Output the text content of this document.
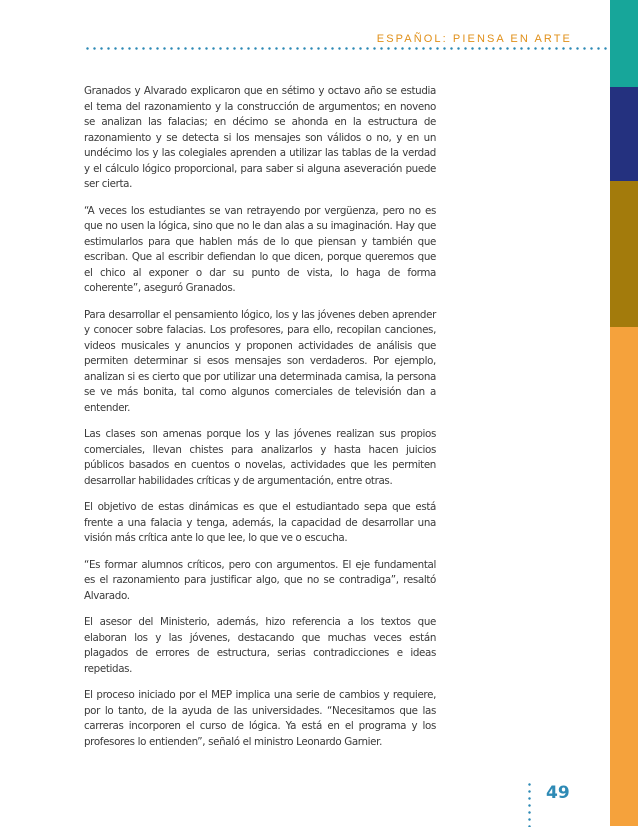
ESPAÑOL: PIENSA EN ARTE

Granados y Alvarado explicaron que en sétimo y octavo año se estudia el tema del razonamiento y la construcción de argumentos; en noveno se analizan las falacias; en décimo se ahonda en la estructura de razonamiento y se detecta si los mensajes son válidos o no, y en un undécimo los y las colegiales aprenden a utilizar las tablas de la verdad y el cálculo lógico proporcional, para saber si alguna aseveración puede ser cierta.

“A veces los estudiantes se van retrayendo por vergüenza, pero no es que no usen la lógica, sino que no le dan alas a su imaginación. Hay que estimularlos para que hablen más de lo que piensan y también que escriban. Que al escribir defiendan lo que dicen, porque queremos que el chico al exponer o dar su punto de vista, lo haga de forma coherente”, aseguró Granados.

Para desarrollar el pensamiento lógico, los y las jóvenes deben aprender y conocer sobre falacias. Los profesores, para ello, recopilan canciones, videos musicales y anuncios y proponen actividades de análisis que permiten determinar si esos mensajes son verdaderos. Por ejemplo, analizan si es cierto que por utilizar una determinada camisa, la persona se ve más bonita, tal como algunos comerciales de televisión dan a entender.

Las clases son amenas porque los y las jóvenes realizan sus propios comerciales, llevan chistes para analizarlos y hasta hacen juicios públicos basados en cuentos o novelas, actividades que les permiten desarrollar habilidades críticas y de argumentación, entre otras.

El objetivo de estas dinámicas es que el estudiantado sepa que está frente a una falacia y tenga, además, la capacidad de desarrollar una visión más crítica ante lo que lee, lo que ve o escucha.

“Es formar alumnos críticos, pero con argumentos. El eje fundamental es el razonamiento para justificar algo, que no se contradiga”, resaltó Alvarado.

El asesor del Ministerio, además, hizo referencia a los textos que elaboran los y las jóvenes, destacando que muchas veces están plagados de errores de estructura, serias contradicciones e ideas repetidas.

El proceso iniciado por el MEP implica una serie de cambios y requiere, por lo tanto, de la ayuda de las universidades. “Necesitamos que las carreras incorporen el curso de lógica. Ya está en el programa y los profesores lo entienden”, señaló el ministro Leonardo Garnier.

49
